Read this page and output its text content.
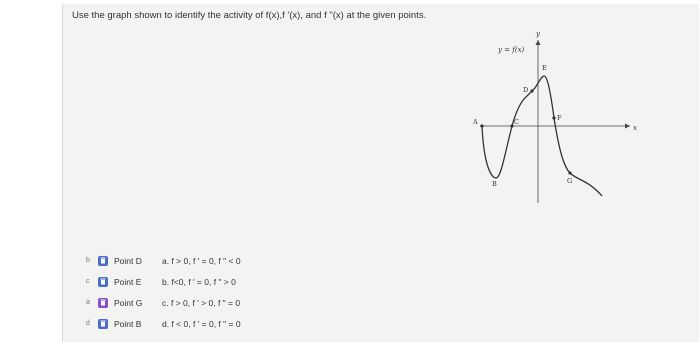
Use the graph shown to identify the activity of f(x),f '(x), and f "(x) at the given points.
y
x
y = f(x)
A
B
C
D
E
F
G
b	Point D	a. f > 0, f ' = 0, f " < 0
c	Point E	b. f<0, f ' = 0, f " > 0
a	Point G	c. f > 0, f ' > 0, f " = 0
d	Point B	d. f < 0, f ' = 0, f " = 0
